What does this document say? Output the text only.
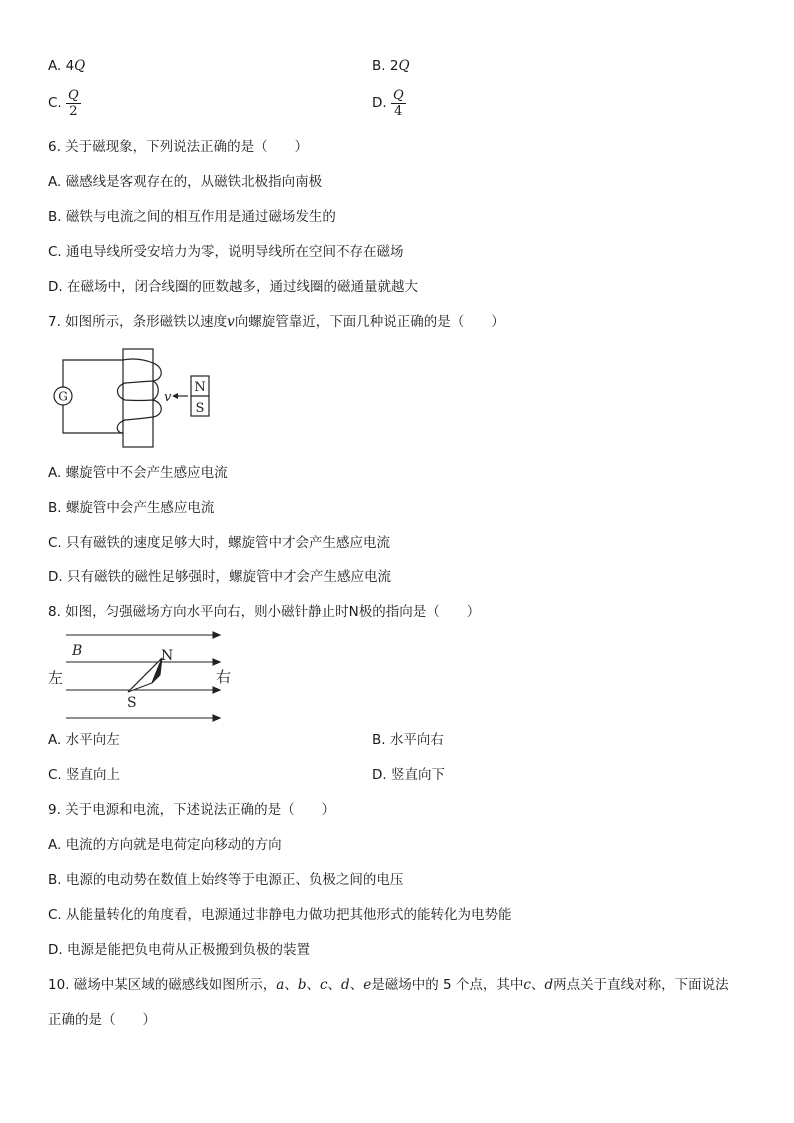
A. 4Q	B. 2Q
C. $\frac{Q}{2}$	D. $\frac{Q}{4}$
6. 关于磁现象，下列说法正确的是（　　）
A. 磁感线是客观存在的，从磁铁北极指向南极
B. 磁铁与电流之间的相互作用是通过磁场发生的
C. 通电导线所受安培力为零，说明导线所在空间不存在磁场
D. 在磁场中，闭合线圈的匝数越多，通过线圈的磁通量就越大
7. 如图所示，条形磁铁以速度v向螺旋管靠近，下面几种说正确的是（　　）
G	v
N
S
A. 螺旋管中不会产生感应电流
B. 螺旋管中会产生感应电流
C. 只有磁铁的速度足够大时，螺旋管中才会产生感应电流
D. 只有磁铁的磁性足够强时，螺旋管中才会产生感应电流
8. 如图，匀强磁场方向水平向右，则小磁针静止时N极的指向是（　　）
B
左	右
N
S
A. 水平向左	B. 水平向右
C. 竖直向上	D. 竖直向下
9. 关于电源和电流，下述说法正确的是（　　）
A. 电流的方向就是电荷定向移动的方向
B. 电源的电动势在数值上始终等于电源正、负极之间的电压
C. 从能量转化的角度看，电源通过非静电力做功把其他形式的能转化为电势能
D. 电源是能把负电荷从正极搬到负极的装置
10. 磁场中某区域的磁感线如图所示，a、b、c、d、e是磁场中的 5 个点，其中c、d两点关于直线对称，下面说法
正确的是（　　）
